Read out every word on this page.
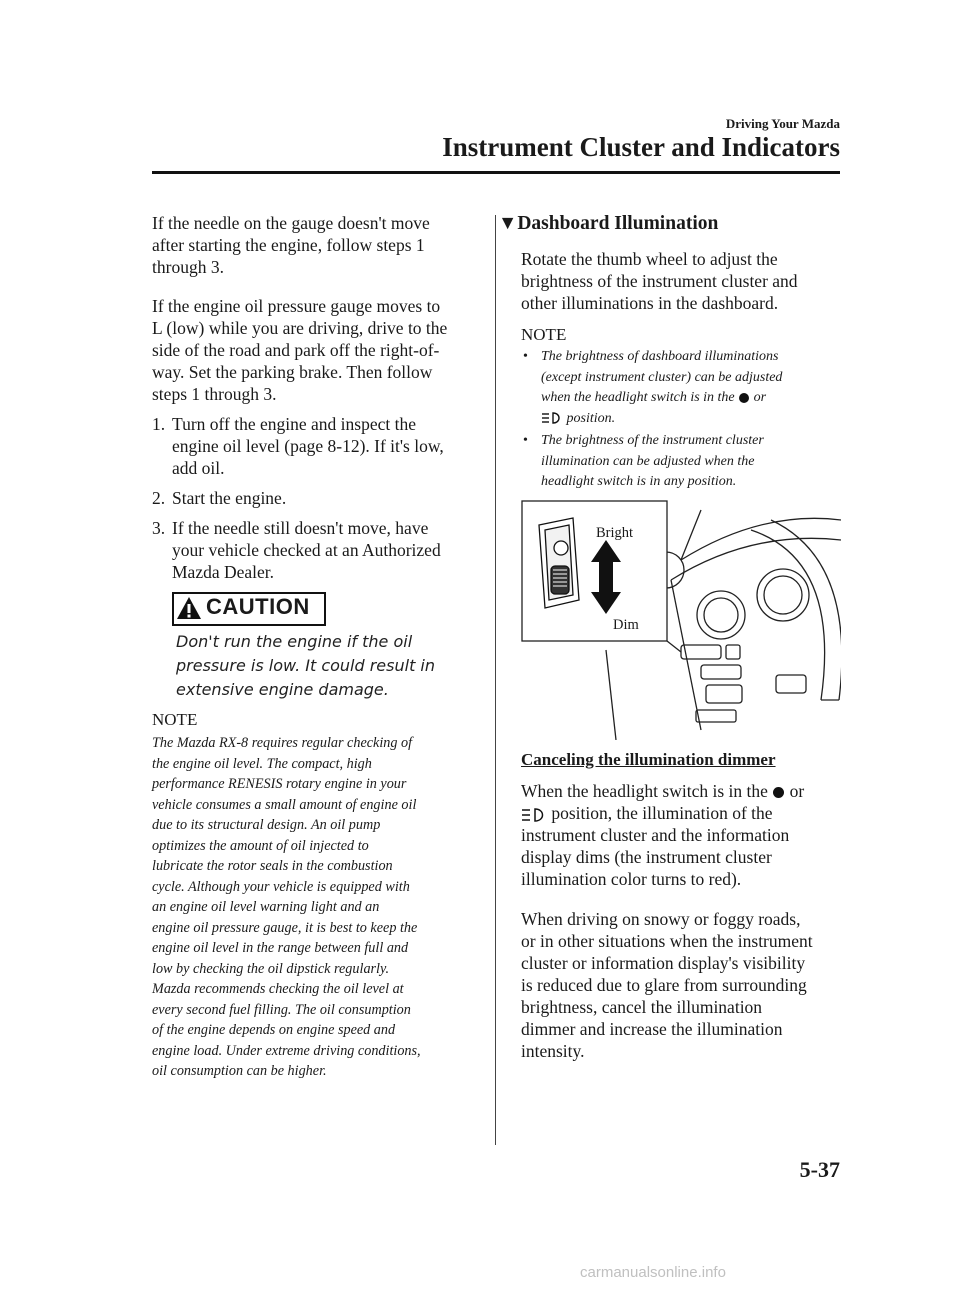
Driving Your Mazda
Instrument Cluster and Indicators

If the needle on the gauge doesn't move
after starting the engine, follow steps 1
through 3.

If the engine oil pressure gauge moves to
L (low) while you are driving, drive to the
side of the road and park off the right-of-
way. Set the parking brake. Then follow
steps 1 through 3.

1. Turn off the engine and inspect the
engine oil level (page 8-12). If it's low,
add oil.

2. Start the engine.

3. If the needle still doesn't move, have
your vehicle checked at an Authorized
Mazda Dealer.

CAUTION
Don't run the engine if the oil
pressure is low. It could result in
extensive engine damage.
NOTE
The Mazda RX-8 requires regular checking of
the engine oil level. The compact, high
performance RENESIS rotary engine in your
vehicle consumes a small amount of engine oil
due to its structural design. An oil pump
optimizes the amount of oil injected to
lubricate the rotor seals in the combustion
cycle. Although your vehicle is equipped with
an engine oil level warning light and an
engine oil pressure gauge, it is best to keep the
engine oil level in the range between full and
low by checking the oil dipstick regularly.
Mazda recommends checking the oil level at
every second fuel filling. The oil consumption
of the engine depends on engine speed and
engine load. Under extreme driving conditions,
oil consumption can be higher.
▼Dashboard Illumination

Rotate the thumb wheel to adjust the
brightness of the instrument cluster and
other illuminations in the dashboard.

NOTE

• The brightness of dashboard illuminations
(except instrument cluster) can be adjusted
when the headlight switch is in the or
position.

• The brightness of the instrument cluster
illumination can be adjusted when the
headlight switch is in any position.

Bright
Dim
Canceling the illumination dimmer

When the headlight switch is in the or
position, the illumination of the
instrument cluster and the information
display dims (the instrument cluster
illumination color turns to red).

When driving on snowy or foggy roads,
or in other situations when the instrument
cluster or information display's visibility
is reduced due to glare from surrounding
brightness, cancel the illumination
dimmer and increase the illumination
intensity.

5-37
carmanualsonline.info
